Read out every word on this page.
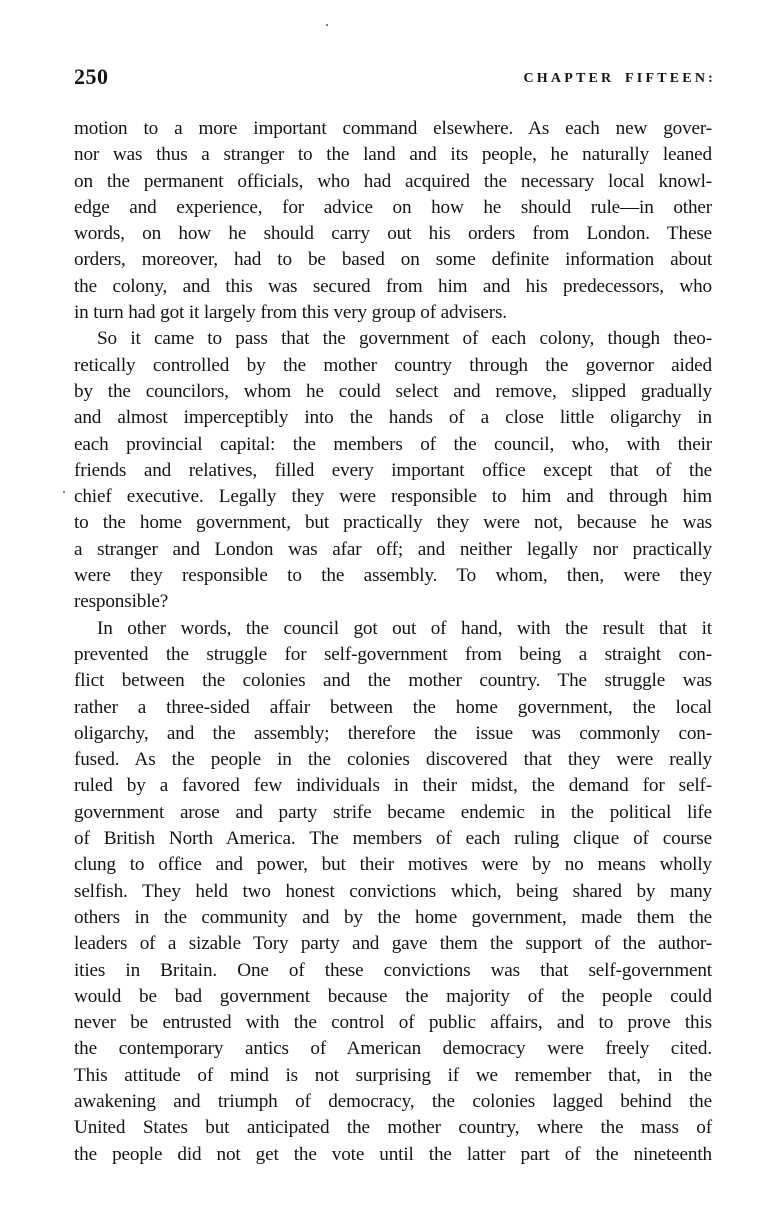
250	CHAPTER FIFTEEN:
motion to a more important command elsewhere. As each new gover-
nor was thus a stranger to the land and its people, he naturally leaned
on the permanent officials, who had acquired the necessary local knowl-
edge and experience, for advice on how he should rule—in other
words, on how he should carry out his orders from London. These
orders, moreover, had to be based on some definite information about
the colony, and this was secured from him and his predecessors, who
in turn had got it largely from this very group of advisers.
So it came to pass that the government of each colony, though theo-
retically controlled by the mother country through the governor aided
by the councilors, whom he could select and remove, slipped gradually
and almost imperceptibly into the hands of a close little oligarchy in
each provincial capital: the members of the council, who, with their
friends and relatives, filled every important office except that of the
chief executive. Legally they were responsible to him and through him
to the home government, but practically they were not, because he was
a stranger and London was afar off; and neither legally nor practically
were they responsible to the assembly. To whom, then, were they
responsible?
In other words, the council got out of hand, with the result that it
prevented the struggle for self-government from being a straight con-
flict between the colonies and the mother country. The struggle was
rather a three-sided affair between the home government, the local
oligarchy, and the assembly; therefore the issue was commonly con-
fused. As the people in the colonies discovered that they were really
ruled by a favored few individuals in their midst, the demand for self-
government arose and party strife became endemic in the political life
of British North America. The members of each ruling clique of course
clung to office and power, but their motives were by no means wholly
selfish. They held two honest convictions which, being shared by many
others in the community and by the home government, made them the
leaders of a sizable Tory party and gave them the support of the author-
ities in Britain. One of these convictions was that self-government
would be bad government because the majority of the people could
never be entrusted with the control of public affairs, and to prove this
the contemporary antics of American democracy were freely cited.
This attitude of mind is not surprising if we remember that, in the
awakening and triumph of democracy, the colonies lagged behind the
United States but anticipated the mother country, where the mass of
the people did not get the vote until the latter part of the nineteenth
